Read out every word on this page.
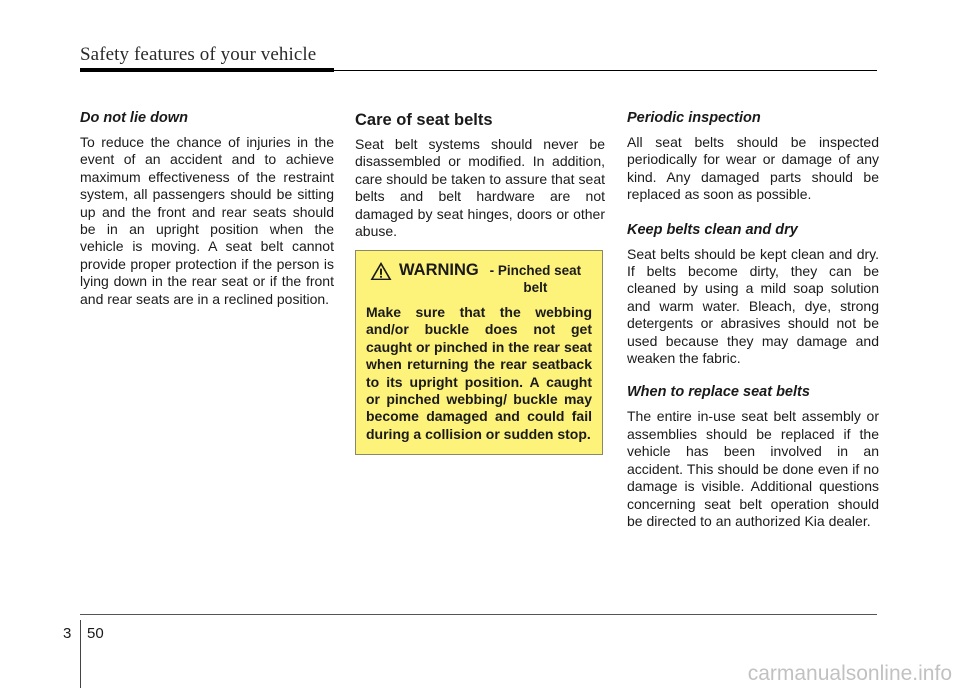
Safety features of your vehicle
Do not lie down

To reduce the chance of injuries in the event of an accident and to achieve maximum effectiveness of the restraint system, all passengers should be sitting up and the front and rear seats should be in an upright position when the vehicle is moving. A seat belt cannot provide proper protection if the person is lying down in the rear seat or if the front and rear seats are in a reclined position.

Care of seat belts

Seat belt systems should never be disassembled or modified. In addition, care should be taken to assure that seat belts and belt hardware are not damaged by seat hinges, doors or other abuse.

WARNING - Pinched seat belt
Make sure that the webbing and/or buckle does not get caught or pinched in the rear seat when returning the rear seatback to its upright position. A caught or pinched webbing/ buckle may become damaged and could fail during a collision or sudden stop.
Periodic inspection

All seat belts should be inspected periodically for wear or damage of any kind. Any damaged parts should be replaced as soon as possible.

Keep belts clean and dry

Seat belts should be kept clean and dry. If belts become dirty, they can be cleaned by using a mild soap solution and warm water. Bleach, dye, strong detergents or abrasives should not be used because they may damage and weaken the fabric.

When to replace seat belts

The entire in-use seat belt assembly or assemblies should be replaced if the vehicle has been involved in an accident. This should be done even if no damage is visible. Additional questions concerning seat belt operation should be directed to an authorized Kia dealer.

3 50
carmanualsonline.info
